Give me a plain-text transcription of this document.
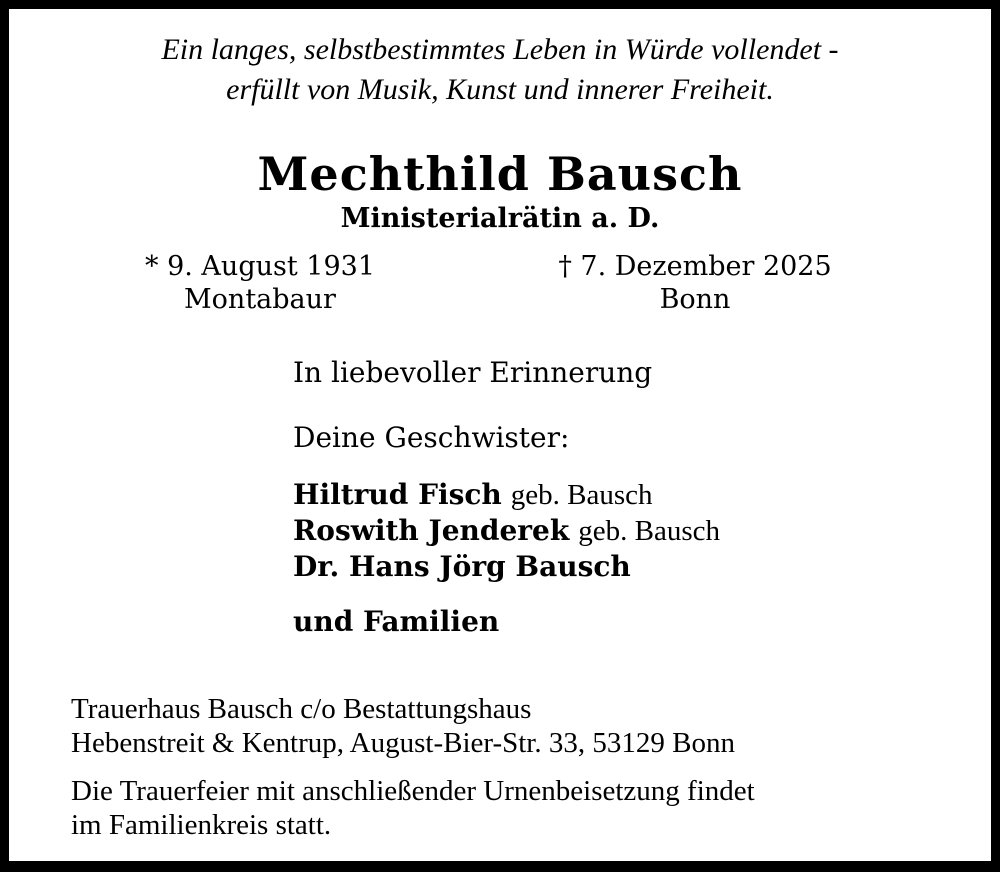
Ein langes, selbstbestimmtes Leben in Würde vollendet -
erfüllt von Musik, Kunst und innerer Freiheit.
Mechthild Bausch
Ministerialrätin a. D.
* 9. August 1931
Montabaur
† 7. Dezember 2025
Bonn
In liebevoller Erinnerung
Deine Geschwister:
Hiltrud Fisch geb. Bausch
Roswith Jenderek geb. Bausch
Dr. Hans Jörg Bausch
und Familien
Trauerhaus Bausch c/o Bestattungshaus
Hebenstreit & Kentrup, August-Bier-Str. 33, 53129 Bonn
Die Trauerfeier mit anschließender Urnenbeisetzung findet
im Familienkreis statt.
